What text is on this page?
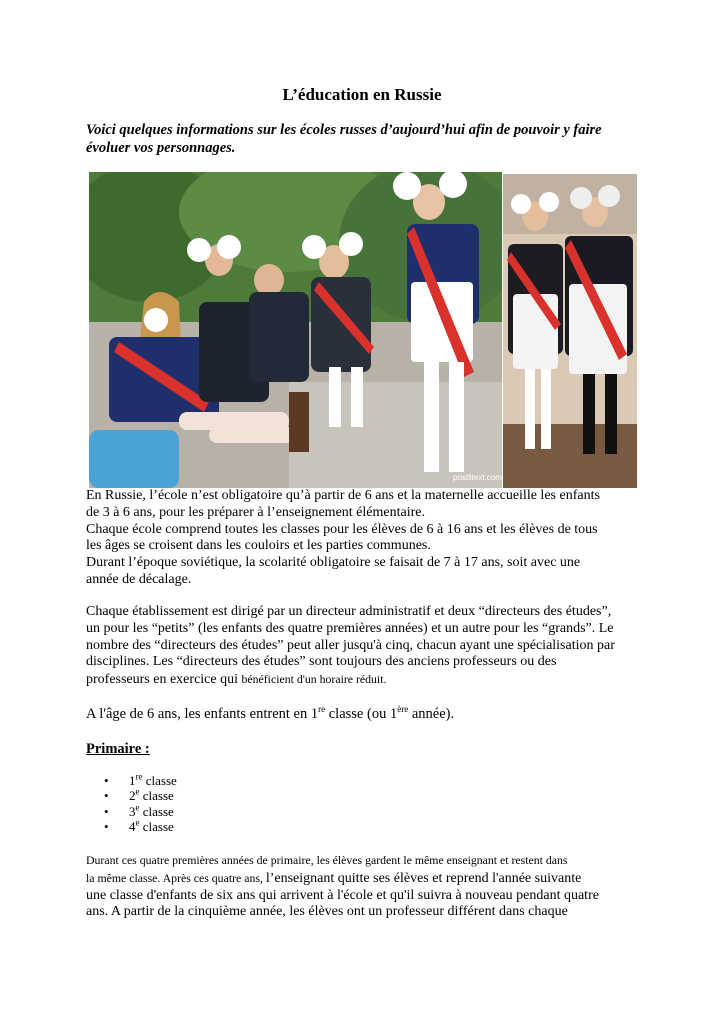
L’éducation en Russie

Voici quelques informations sur les écoles russes d’aujourd’hui afin de pouvoir y faire évoluer vos personnages.

postlitext.com

En Russie, l’école n’est obligatoire qu’à partir de 6 ans et la maternelle accueille les enfants
de 3 à 6 ans, pour les préparer à l’enseignement élémentaire.
Chaque école comprend toutes les classes pour les élèves de 6 à 16 ans et les élèves de tous
les âges se croisent dans les couloirs et les parties communes.
Durant l’époque soviétique, la scolarité obligatoire se faisait de 7 à 17 ans, soit avec une
année de décalage.

Chaque établissement est dirigé par un directeur administratif et deux “directeurs des études”,
un pour les “petits” (les enfants des quatre premières années) et un autre pour les “grands”. Le
nombre des “directeurs des études” peut aller jusqu'à cinq, chacun ayant une spécialisation par
disciplines. Les “directeurs des études” sont toujours des anciens professeurs ou des
professeurs en exercice qui bénéficient d'un horaire réduit.

A l'âge de 6 ans, les enfants entrent en 1re classe (ou 1ère année).

Primaire :
• 1re classe
• 2e classe
• 3e classe
• 4e classe

Durant ces quatre premières années de primaire, les élèves gardent le même enseignant et restent dans
la même classe. Après ces quatre ans, l’enseignant quitte ses élèves et reprend l'année suivante
une classe d'enfants de six ans qui arrivent à l'école et qu'il suivra à nouveau pendant quatre
ans. A partir de la cinquième année, les élèves ont un professeur différent dans chaque
